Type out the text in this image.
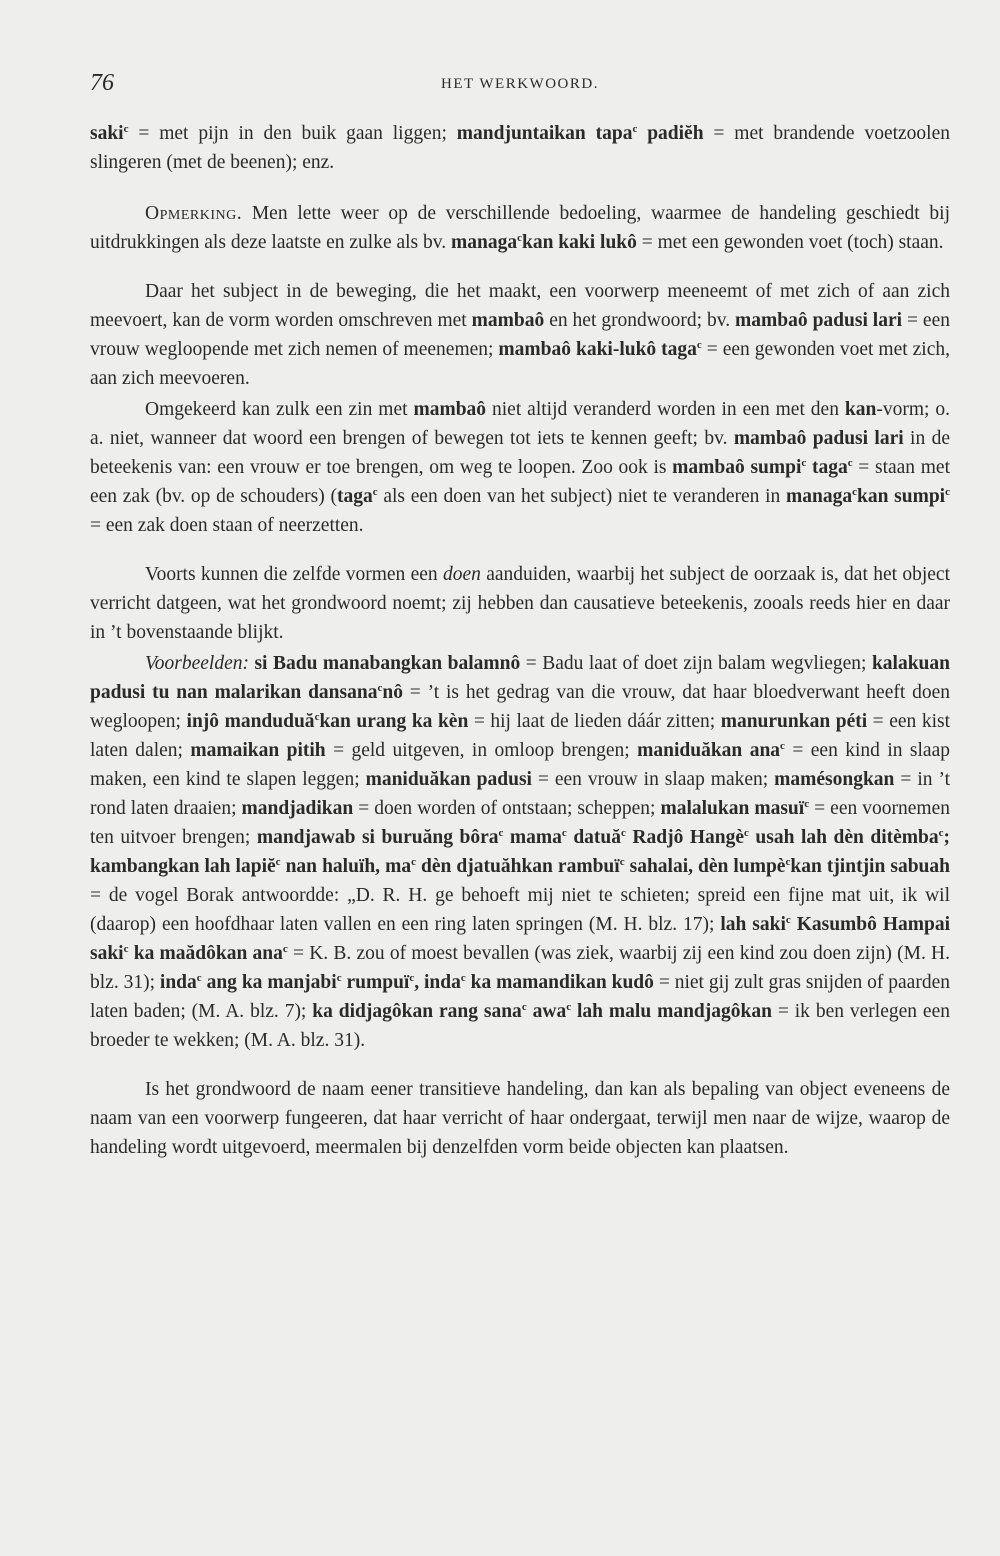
76	HET WERKWOORD.

saki$^c$ = met pijn in den buik gaan liggen; mandjuntaikan tapa$^c$ padiĕh = met brandende voetzoolen slingeren (met de beenen); enz.

Opmerking. Men lette weer op de verschillende bedoeling, waarmee de handeling geschiedt bij uitdrukkingen als deze laatste en zulke als bv. managa$^c$kan kaki lukô = met een gewonden voet (toch) staan.

Daar het subject in de beweging, die het maakt, een voorwerp meeneemt of met zich of aan zich meevoert, kan de vorm worden omschreven met mambaô en het grondwoord; bv. mambaô padusi lari = een vrouw wegloopende met zich nemen of meenemen; mambaô kaki-lukô taga$^c$ = een gewonden voet met zich, aan zich meevoeren.

Omgekeerd kan zulk een zin met mambaô niet altijd veranderd worden in een met den kan-vorm; o. a. niet, wanneer dat woord een brengen of bewegen tot iets te kennen geeft; bv. mambaô padusi lari in de beteekenis van: een vrouw er toe brengen, om weg te loopen. Zoo ook is mambaô sumpi$^c$ taga$^c$ = staan met een zak (bv. op de schouders) (taga$^c$ als een doen van het subject) niet te veranderen in managa$^c$kan sumpi$^c$ = een zak doen staan of neerzetten.

Voorts kunnen die zelfde vormen een doen aanduiden, waarbij het subject de oorzaak is, dat het object verricht datgeen, wat het grondwoord noemt; zij hebben dan causatieve beteekenis, zooals reeds hier en daar in ’t bovenstaande blijkt.

Voorbeelden: si Badu manabangkan balamnô = Badu laat of doet zijn balam wegvliegen; kalakuan padusi tu nan malarikan dansana$^c$nô = ’t is het gedrag van die vrouw, dat haar bloedverwant heeft doen wegloopen; injô manduduă$^c$kan urang ka kèn = hij laat de lieden dáár zitten; manurunkan péti = een kist laten dalen; mamaikan pitih = geld uitgeven, in omloop brengen; maniduăkan ana$^c$ = een kind in slaap maken, een kind te slapen leggen; maniduăkan padusi = een vrouw in slaap maken; mamésongkan = in ’t rond laten draaien; mandjadikan = doen worden of ontstaan; scheppen; malalukan masuï$^c$ = een voornemen ten uitvoer brengen; mandjawab si buruăng bôra$^c$ mama$^c$ datuă$^c$ Radjô Hangè$^c$ usah lah dèn ditèmba$^c$; kambangkan lah lapiĕ$^c$ nan haluïh, $ma^c$ dèn djatuăhkan rambuï$^c$ sahalai, dèn lumpè$^c$kan tjintjin sabuah = de vogel Borak antwoordde: „D. R. H. ge behoeft mij niet te schieten; spreid een fijne mat uit, ik wil (daarop) een hoofdhaar laten vallen en een ring laten springen (M. H. blz. 17); lah saki$^c$ Kasumbô Hampai saki$^c$ ka maădôkan ana$^c$ = K. B. zou of moest bevallen (was ziek, waarbij zij een kind zou doen zijn) (M. H. blz. 31); inda$^c$ ang ka manjabi$^c$ rumpuï$^c$, inda$^c$ ka mamandikan kudô = niet gij zult gras snijden of paarden laten baden; (M. A. blz. 7); ka didjagôkan rang sana$^c$ awa$^c$ lah malu mandjagôkan = ik ben verlegen een broeder te wekken; (M. A. blz. 31).

Is het grondwoord de naam eener transitieve handeling, dan kan als bepaling van object eveneens de naam van een voorwerp fungeeren, dat haar verricht of haar ondergaat, terwijl men naar de wijze, waarop de handeling wordt uitgevoerd, meermalen bij denzelfden vorm beide objecten kan plaatsen.
